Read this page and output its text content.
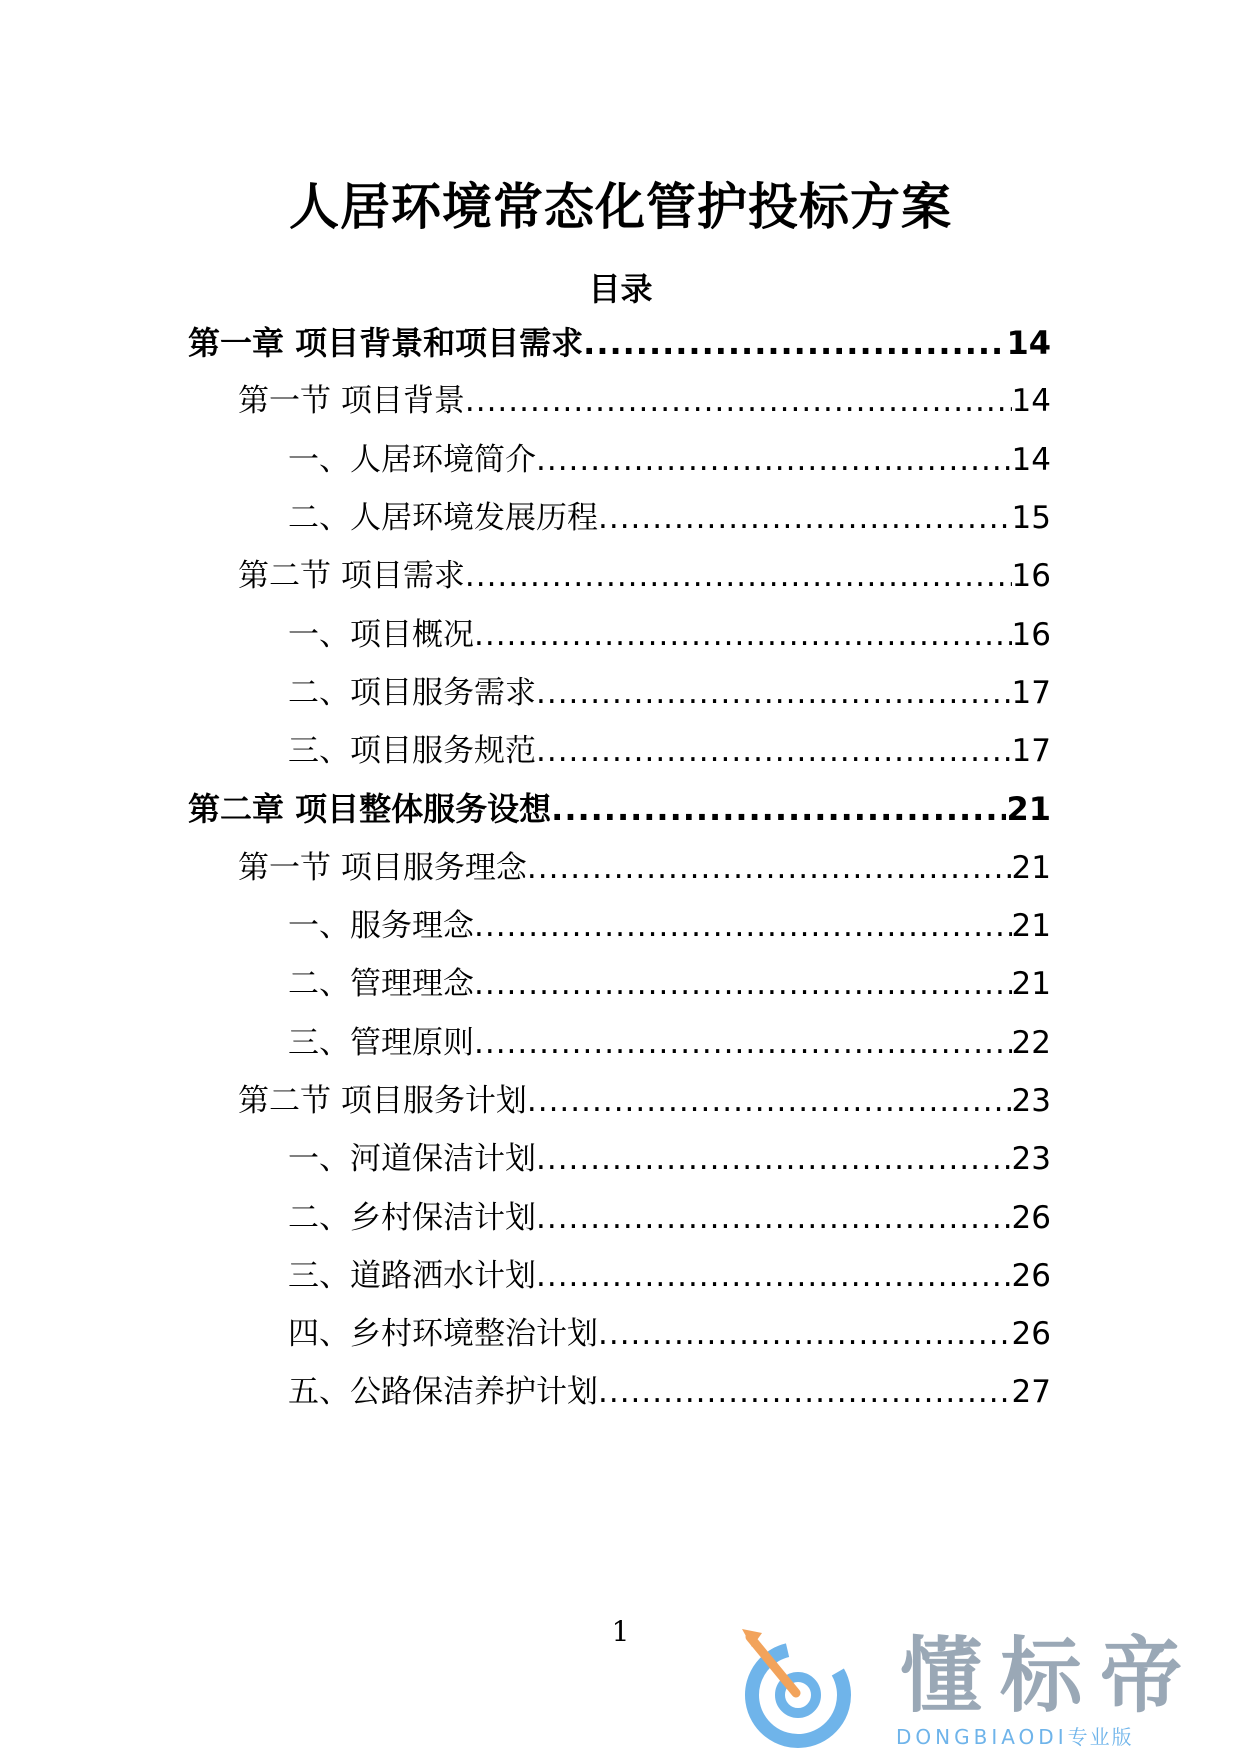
人居环境常态化管护投标方案
目录
第一章 项目背景和项目需求 .....	14
第一节 项目背景 .....	14
一、人居环境简介 .....	14
二、人居环境发展历程 .....	15
第二节 项目需求 .....	16
一、项目概况 .....	16
二、项目服务需求 .....	17
三、项目服务规范 .....	17
第二章 项目整体服务设想 .....	21
第一节 项目服务理念 .....	21
一、服务理念 .....	21
二、管理理念 .....	21
三、管理原则 .....	22
第二节 项目服务计划 .....	23
一、河道保洁计划 .....	23
二、乡村保洁计划 .....	26
三、道路洒水计划 .....	26
四、乡村环境整治计划 .....	26
五、公路保洁养护计划 .....	27
1	懂标帝
DONGBIAODI专业版
